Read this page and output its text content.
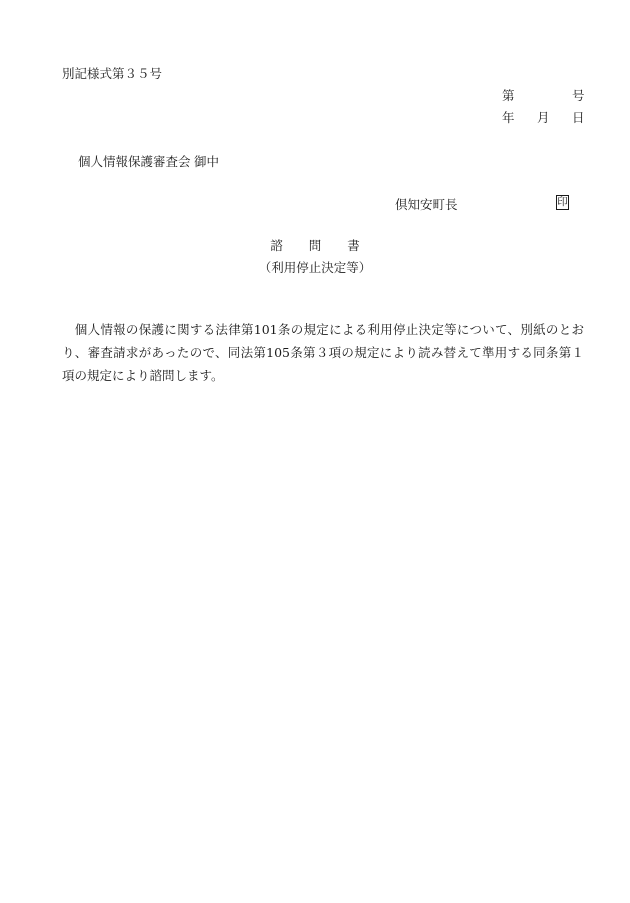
別記様式第３５号
第	号
年 月 日
個人情報保護審査会 御中
倶知安町長	印
諮 問 書
（利用停止決定等）
個人情報の保護に関する法律第101条の規定による利用停止決定等について、別紙のとおり、審査請求があったので、同法第105条第３項の規定により読み替えて準用する同条第１項の規定により諮問します。
